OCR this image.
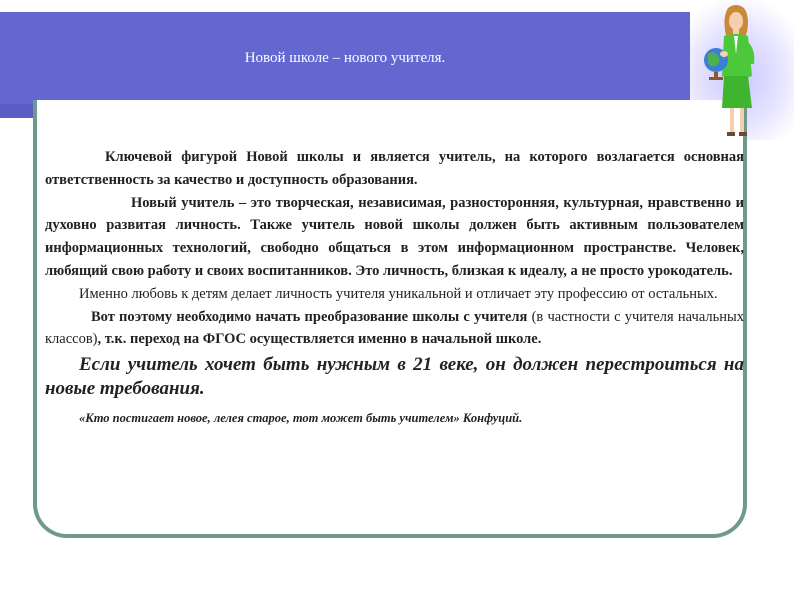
Новой школе – нового учителя.

Ключевой фигурой Новой школы и является учитель, на которого возлагается основная ответственность за качество и доступность образования.

Новый учитель – это творческая, независимая, разносторонняя, культурная, нравственно и духовно развитая личность. Также учитель новой школы должен быть активным пользователем информационных технологий, свободно общаться в этом информационном пространстве. Человек, любящий свою работу и своих воспитанников. Это личность, близкая к идеалу, а не просто урокодатель.

Именно любовь к детям делает личность учителя уникальной и отличает эту профессию от остальных.

Вот поэтому необходимо начать преобразование школы с учителя (в частности с учителя начальных классов), т.к. переход на ФГОС осуществляется именно в начальной школе.

Если учитель хочет быть нужным в 21 веке, он должен перестроиться на новые требования.

«Кто постигает новое, лелея старое, тот может быть учителем» Конфуций.
